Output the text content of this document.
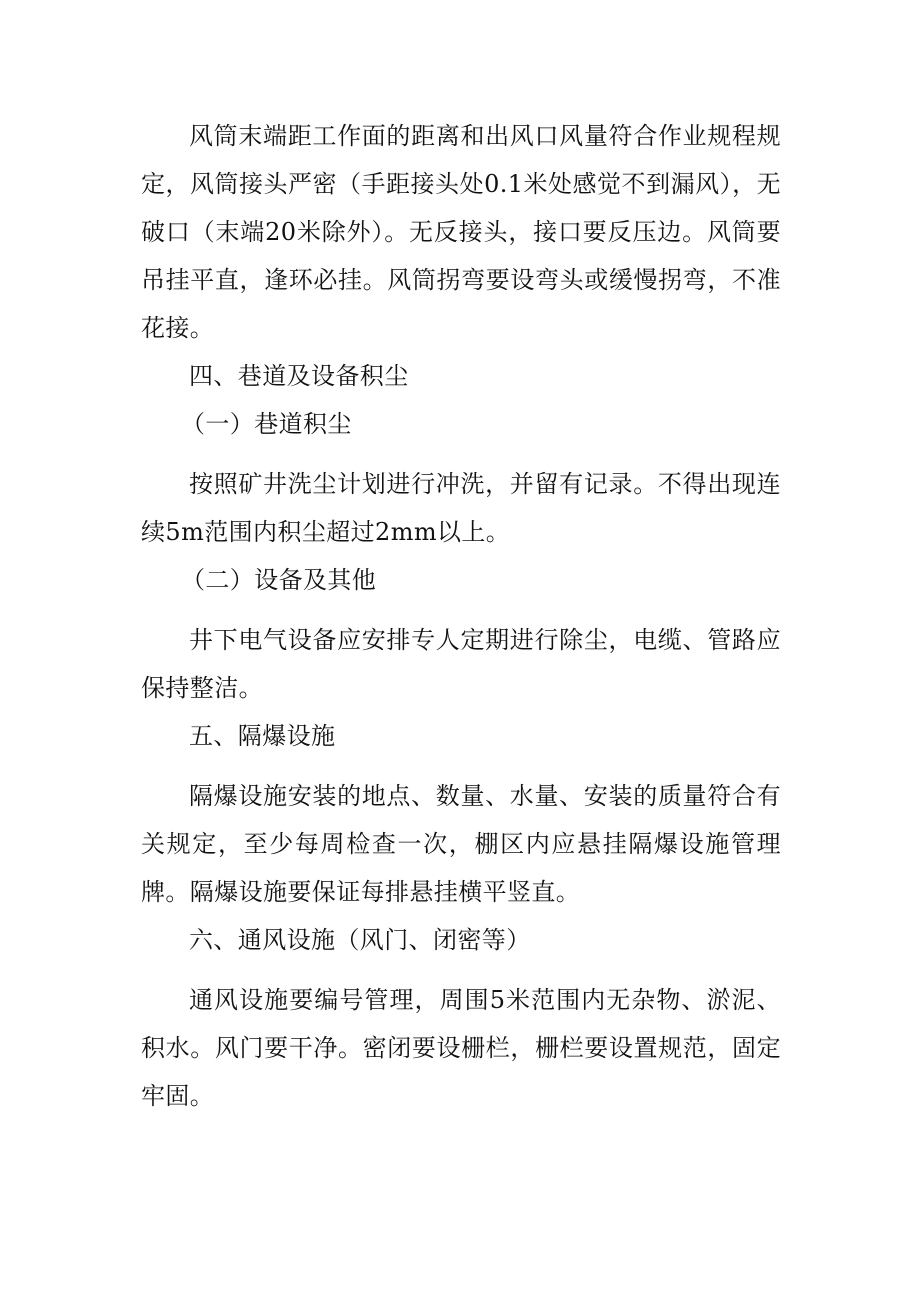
风筒末端距工作面的距离和出风口风量符合作业规程规定，风筒接头严密（手距接头处0.1米处感觉不到漏风），无破口（末端20米除外）。无反接头，接口要反压边。风筒要吊挂平直，逢环必挂。风筒拐弯要设弯头或缓慢拐弯，不准花接。

四、巷道及设备积尘

（一）巷道积尘

按照矿井洗尘计划进行冲洗，并留有记录。不得出现连续5m范围内积尘超过2mm以上。

（二）设备及其他

井下电气设备应安排专人定期进行除尘，电缆、管路应保持整洁。

五、隔爆设施

隔爆设施安装的地点、数量、水量、安装的质量符合有关规定，至少每周检查一次，棚区内应悬挂隔爆设施管理牌。隔爆设施要保证每排悬挂横平竖直。

六、通风设施（风门、闭密等）

通风设施要编号管理，周围5米范围内无杂物、淤泥、积水。风门要干净。密闭要设栅栏，栅栏要设置规范，固定牢固。
